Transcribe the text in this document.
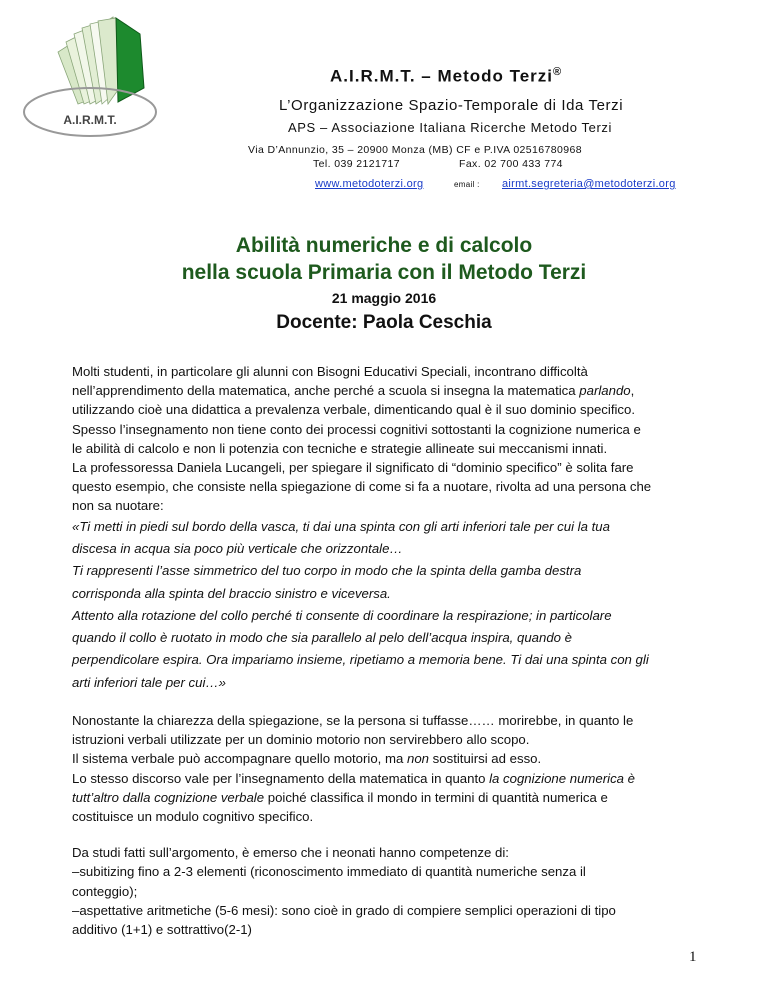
A.I.R.M.T.
A.I.R.M.T. – Metodo Terzi®
L’Organizzazione Spazio-Temporale di Ida Terzi
APS – Associazione Italiana Ricerche Metodo Terzi
Via D’Annunzio, 35 – 20900 Monza (MB) CF e P.IVA 02516780968
Tel. 039 2121717	Fax. 02 700 433 774
www.metodoterzi.org	email : airmt.segreteria@metodoterzi.org
Abilità numeriche e di calcolo
nella scuola Primaria con il Metodo Terzi
21 maggio 2016
Docente: Paola Ceschia

Molti studenti, in particolare gli alunni con Bisogni Educativi Speciali, incontrano difficoltà

nell’apprendimento della matematica, anche perché a scuola si insegna la matematica parlando,

utilizzando cioè una didattica a prevalenza verbale, dimenticando qual è il suo dominio specifico.

Spesso l’insegnamento non tiene conto dei processi cognitivi sottostanti la cognizione numerica e

le abilità di calcolo e non li potenzia con tecniche e strategie allineate sui meccanismi innati.

La professoressa Daniela Lucangeli, per spiegare il significato di “dominio specifico” è solita fare

questo esempio, che consiste nella spiegazione di come si fa a nuotare, rivolta ad una persona che

non sa nuotare:

«Ti metti in piedi sul bordo della vasca, ti dai una spinta con gli arti inferiori tale per cui la tua

discesa in acqua sia poco più verticale che orizzontale…

Ti rappresenti l’asse simmetrico del tuo corpo in modo che la spinta della gamba destra

corrisponda alla spinta del braccio sinistro e viceversa.

Attento alla rotazione del collo perché ti consente di coordinare la respirazione; in particolare

quando il collo è ruotato in modo che sia parallelo al pelo dell’acqua inspira, quando è

perpendicolare espira. Ora impariamo insieme, ripetiamo a memoria bene. Ti dai una spinta con gli

arti inferiori tale per cui…»

Nonostante la chiarezza della spiegazione, se la persona si tuffasse…… morirebbe, in quanto le

istruzioni verbali utilizzate per un dominio motorio non servirebbero allo scopo.

Il sistema verbale può accompagnare quello motorio, ma non sostituirsi ad esso.

Lo stesso discorso vale per l’insegnamento della matematica in quanto la cognizione numerica è

tutt’altro dalla cognizione verbale poiché classifica il mondo in termini di quantità numerica e

costituisce un modulo cognitivo specifico.

Da studi fatti sull’argomento, è emerso che i neonati hanno competenze di:

–subitizing fino a 2-3 elementi (riconoscimento immediato di quantità numeriche senza il

conteggio);

–aspettative aritmetiche (5-6 mesi): sono cioè in grado di compiere semplici operazioni di tipo

additivo (1+1) e sottrattivo(2-1)

1
